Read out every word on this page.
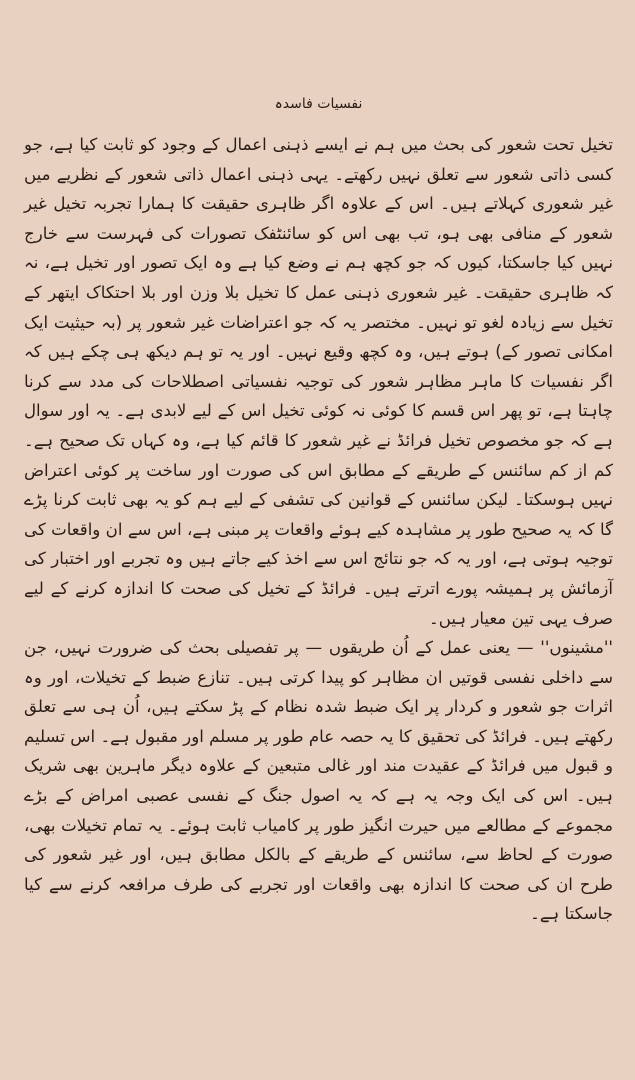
نفسیات فاسدہ

تخیل تحت شعور کی بحث میں ہم نے ایسے ذہنی اعمال کے وجود کو ثابت کیا ہے، جو کسی ذاتی شعور سے تعلق نہیں رکھتے۔ یہی ذہنی اعمال ذاتی شعور کے نظریے میں غیر شعوری کہلاتے ہیں۔ اس کے علاوہ اگر ظاہری حقیقت کا ہمارا تجربہ تخیل غیر شعور کے منافی بھی ہو، تب بھی اس کو سائنٹفک تصورات کی فہرست سے خارج نہیں کیا جاسکتا، کیوں کہ جو کچھ ہم نے وضع کیا ہے وہ ایک تصور اور تخیل ہے، نہ کہ ظاہری حقیقت۔ غیر شعوری ذہنی عمل کا تخیل بلا وزن اور بلا احتکاک ایتھر کے تخیل سے زیادہ لغو تو نہیں۔ مختصر یہ کہ جو اعتراضات غیر شعور پر (بہ حیثیت ایک امکانی تصور کے) ہوتے ہیں، وہ کچھ وقیع نہیں۔ اور یہ تو ہم دیکھ ہی چکے ہیں کہ اگر نفسیات کا ماہر مظاہر شعور کی توجیہ نفسیاتی اصطلاحات کی مدد سے کرنا چاہتا ہے، تو پھر اس قسم کا کوئی نہ کوئی تخیل اس کے لیے لابدی ہے۔ یہ اور سوال ہے کہ جو مخصوص تخیل فرائڈ نے غیر شعور کا قائم کیا ہے، وہ کہاں تک صحیح ہے۔ کم از کم سائنس کے طریقے کے مطابق اس کی صورت اور ساخت پر کوئی اعتراض نہیں ہوسکتا۔ لیکن سائنس کے قوانین کی تشفی کے لیے ہم کو یہ بھی ثابت کرنا پڑے گا کہ یہ صحیح طور پر مشاہدہ کیے ہوئے واقعات پر مبنی ہے، اس سے ان واقعات کی توجیہ ہوتی ہے، اور یہ کہ جو نتائج اس سے اخذ کیے جاتے ہیں وہ تجربے اور اختبار کی آزمائش پر ہمیشہ پورے اترتے ہیں۔ فرائڈ کے تخیل کی صحت کا اندازہ کرنے کے لیے صرف یہی تین معیار ہیں۔

''مشینوں'' — یعنی عمل کے اُن طریقوں — پر تفصیلی بحث کی ضرورت نہیں، جن سے داخلی نفسی قوتیں ان مظاہر کو پیدا کرتی ہیں۔ تنازع ضبط کے تخیلات، اور وہ اثرات جو شعور و کردار پر ایک ضبط شدہ نظام کے پڑ سکتے ہیں، اُن ہی سے تعلق رکھتے ہیں۔ فرائڈ کی تحقیق کا یہ حصہ عام طور پر مسلم اور مقبول ہے۔ اس تسلیم و قبول میں فرائڈ کے عقیدت مند اور غالی متبعین کے علاوہ دیگر ماہرین بھی شریک ہیں۔ اس کی ایک وجہ یہ ہے کہ یہ اصول جنگ کے نفسی عصبی امراض کے بڑے مجموعے کے مطالعے میں حیرت انگیز طور پر کامیاب ثابت ہوئے۔ یہ تمام تخیلات بھی، صورت کے لحاظ سے، سائنس کے طریقے کے بالکل مطابق ہیں، اور غیر شعور کی طرح ان کی صحت کا اندازہ بھی واقعات اور تجربے کی طرف مرافعہ کرنے سے کیا جاسکتا ہے۔
